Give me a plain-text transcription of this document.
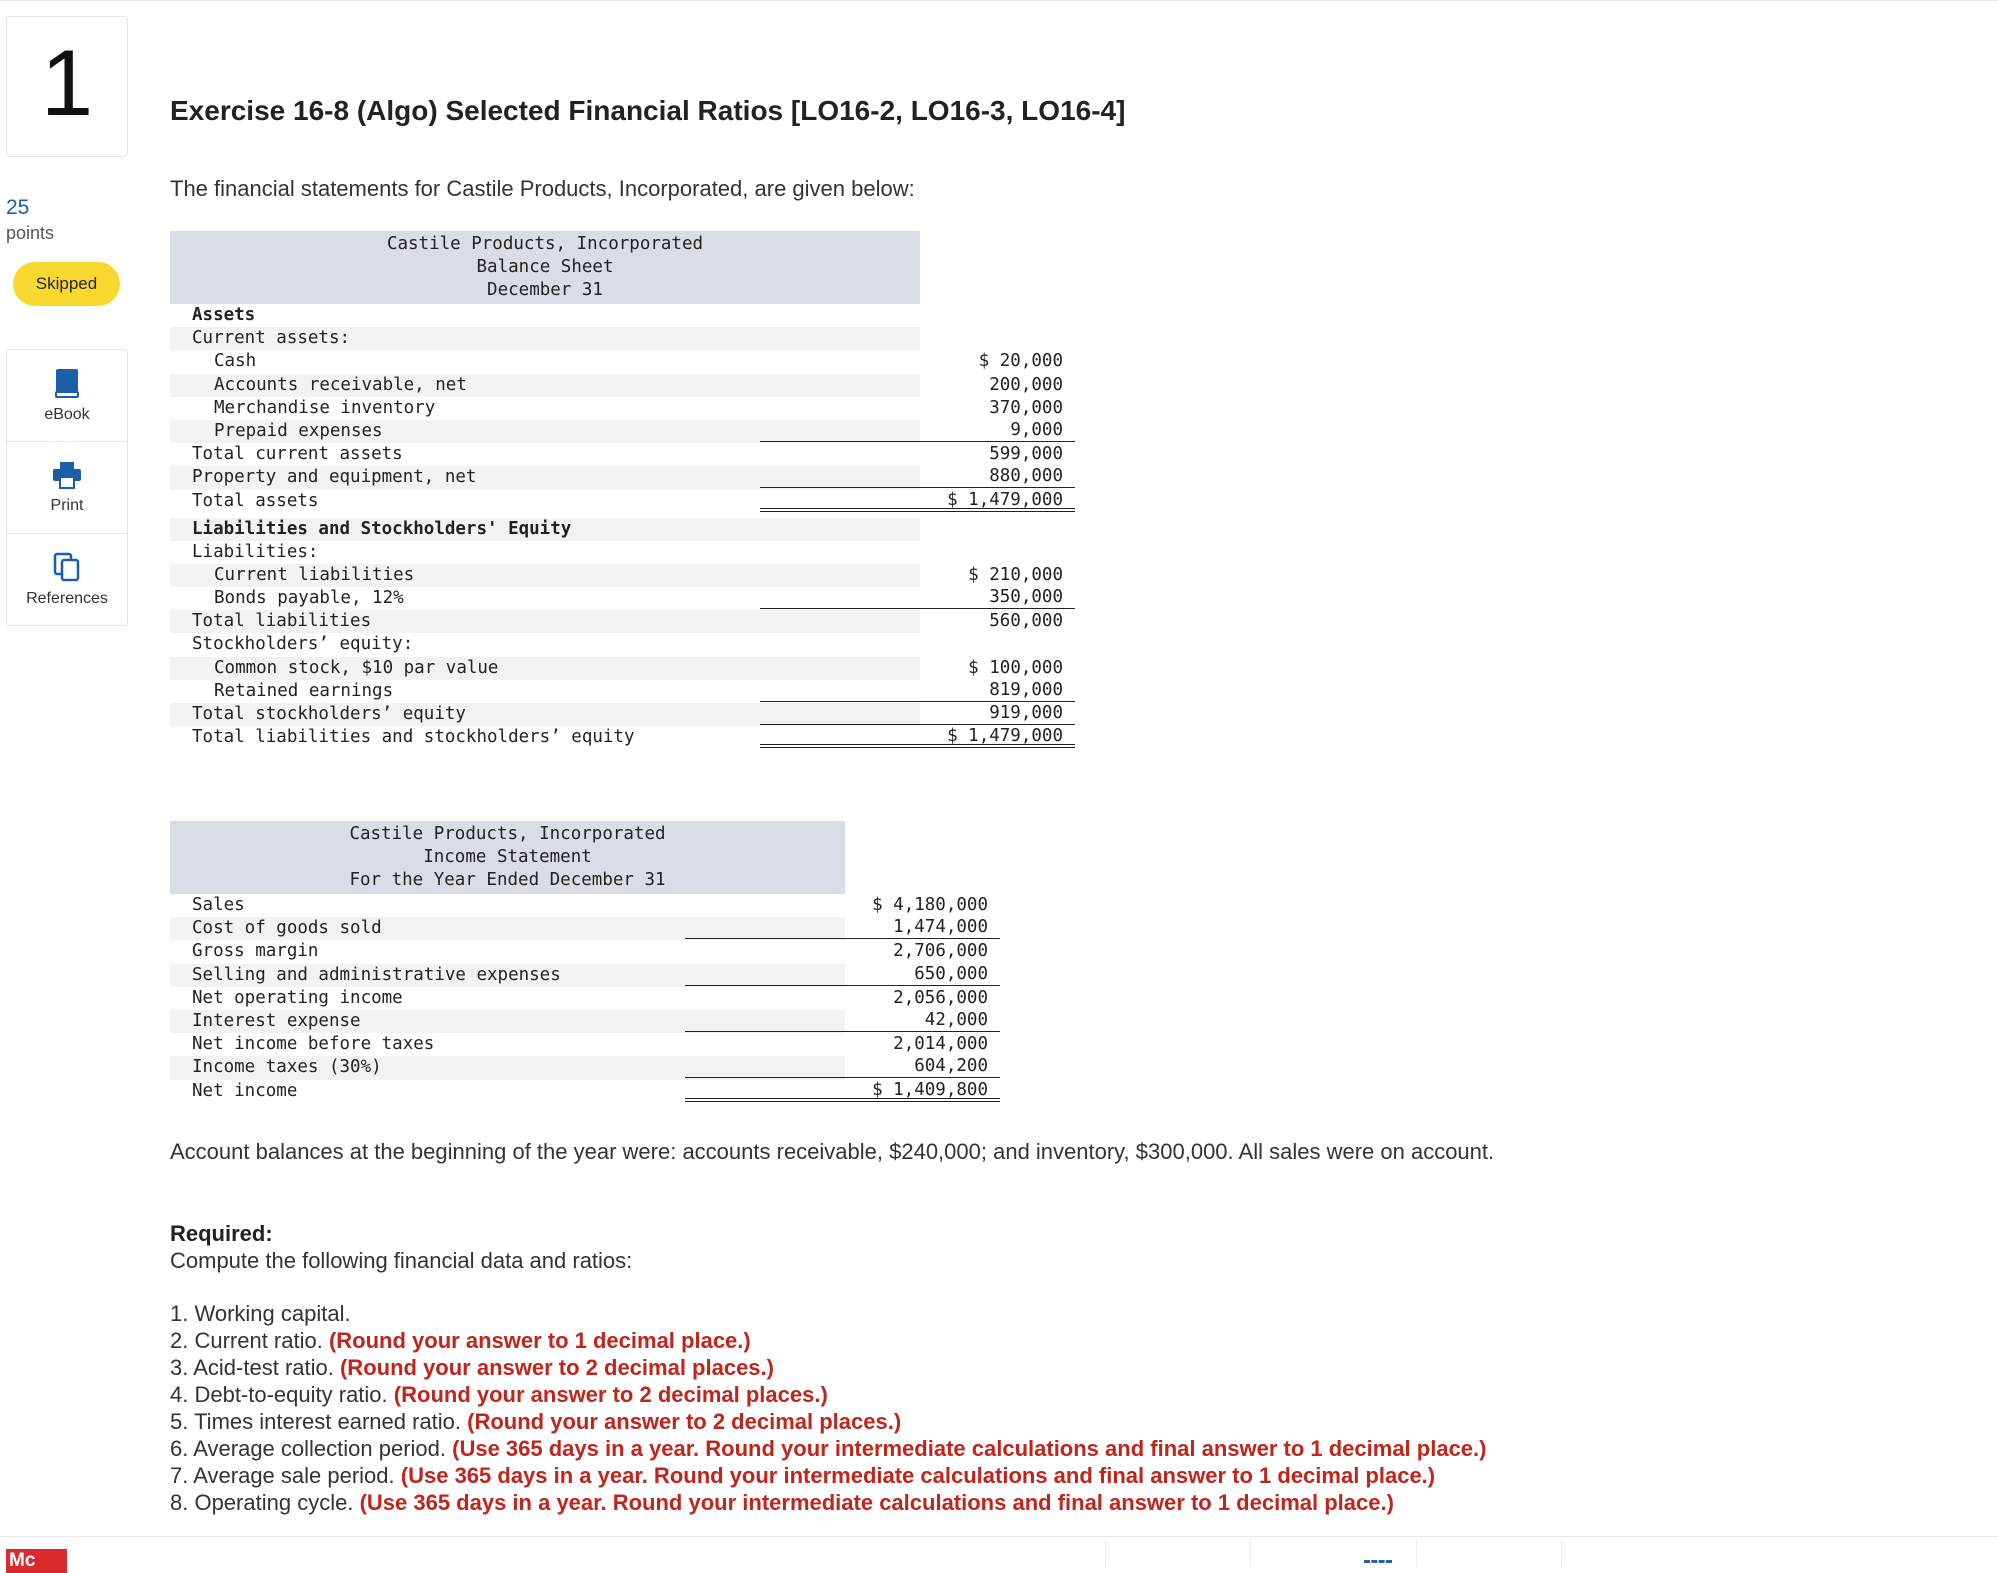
1
25
points
Skipped
eBook
Print
References
Exercise 16-8 (Algo) Selected Financial Ratios [LO16-2, LO16-3, LO16-4]
The financial statements for Castile Products, Incorporated, are given below:
Castile Products, Incorporated
Balance Sheet
December 31
Assets
Current assets:
Cash	$ 20,000
Accounts receivable, net	200,000
Merchandise inventory	370,000
Prepaid expenses	9,000
Total current assets	599,000
Property and equipment, net	880,000
Total assets	$ 1,479,000
Liabilities and Stockholders' Equity
Liabilities:
Current liabilities	$ 210,000
Bonds payable, 12%	350,000
Total liabilities	560,000
Stockholders’ equity:
Common stock, $10 par value	$ 100,000
Retained earnings	819,000
Total stockholders’ equity	919,000
Total liabilities and stockholders’ equity	$ 1,479,000
Castile Products, Incorporated
Income Statement
For the Year Ended December 31
Sales	$ 4,180,000
Cost of goods sold	1,474,000
Gross margin	2,706,000
Selling and administrative expenses	650,000
Net operating income	2,056,000
Interest expense	42,000
Net income before taxes	2,014,000
Income taxes (30%)	604,200
Net income	$ 1,409,800
Account balances at the beginning of the year were: accounts receivable, $240,000; and inventory, $300,000. All sales were on account.
Required:
Compute the following financial data and ratios:
1. Working capital.
2. Current ratio. (Round your answer to 1 decimal place.)
3. Acid-test ratio. (Round your answer to 2 decimal places.)
4. Debt-to-equity ratio. (Round your answer to 2 decimal places.)
5. Times interest earned ratio. (Round your answer to 2 decimal places.)
6. Average collection period. (Use 365 days in a year. Round your intermediate calculations and final answer to 1 decimal place.)
7. Average sale period. (Use 365 days in a year. Round your intermediate calculations and final answer to 1 decimal place.)
8. Operating cycle. (Use 365 days in a year. Round your intermediate calculations and final answer to 1 decimal place.)
Mc
